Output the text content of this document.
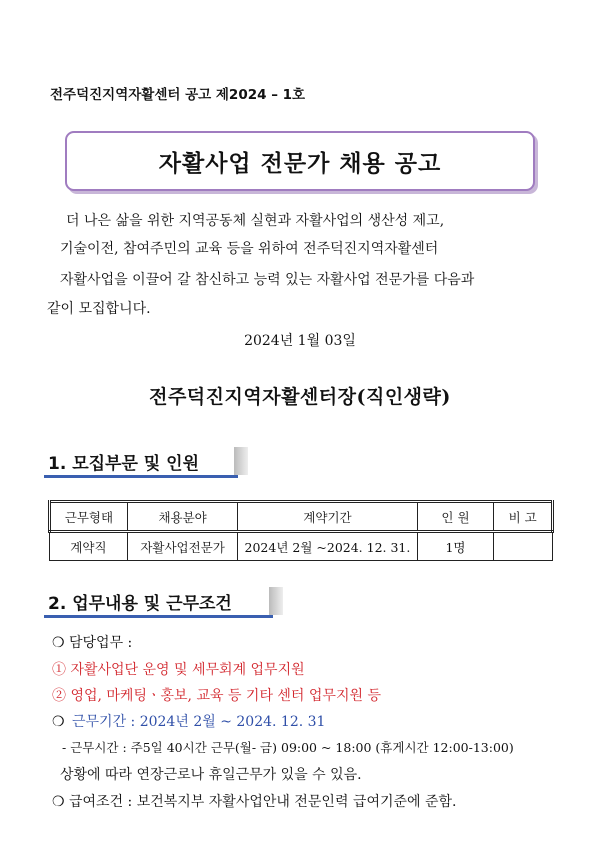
전주덕진지역자활센터 공고 제2024 – 1호
자활사업 전문가 채용 공고
더 나은 삶을 위한 지역공동체 실현과 자활사업의 생산성 제고,
기술이전, 참여주민의 교육 등을 위하여 전주덕진지역자활센터
자활사업을 이끌어 갈 참신하고 능력 있는 자활사업 전문가를 다음과
같이 모집합니다.
2024년 1월 03일
전주덕진지역자활센터장(직인생략)
1. 모집부문 및 인원
근무형태	채용분야	계약기간	인 원	비 고
계약직	자활사업전문가	2024년 2월 ~2024. 12. 31.	1명	
2. 업무내용 및 근무조건
❍ 담당업무 :
① 자활사업단 운영 및 세무회계 업무지원
② 영업, 마케팅ㆍ홍보, 교육 등 기타 센터 업무지원 등
❍ 근무기간 : 2024년 2월 ~ 2024. 12. 31
- 근무시간 : 주5일 40시간 근무(월- 금) 09:00 ~ 18:00 (휴게시간 12:00-13:00)
상황에 따라 연장근로나 휴일근무가 있을 수 있음.
❍ 급여조건 : 보건복지부 자활사업안내 전문인력 급여기준에 준함.
